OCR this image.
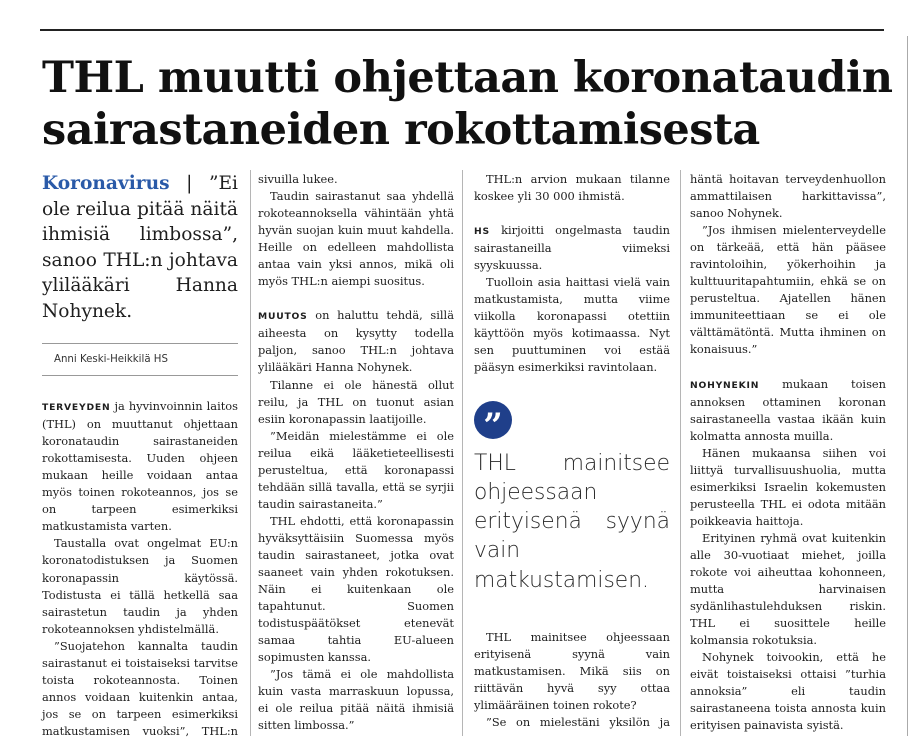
THL muutti ohjettaan koronataudin sairastaneiden rokottamisesta

Koronavirus | ”Ei ole reilua pitää näitä ihmisiä limbossa”, sanoo THL:n johtava ylilääkäri Hanna Nohynek.

Anni Keski-Heikkilä HS

TERVEYDEN ja hyvinvoinnin laitos (THL) on muuttanut ohjettaan koronataudin sairastaneiden rokottamisesta. Uuden ohjeen mukaan heille voidaan antaa myös toinen rokoteannos, jos se on tarpeen esimerkiksi matkustamista varten.

Taustalla ovat ongelmat EU:n koronatodistuksen ja Suomen koronapassin käytössä. Todistusta ei tällä hetkellä saa sairastetun taudin ja yhden rokoteannoksen yhdistelmällä.

”Suojatehon kannalta taudin sairastanut ei toistaiseksi tarvitse toista rokoteannosta. Toinen annos voidaan kuitenkin antaa, jos se on tarpeen esimerkiksi matkustamisen vuoksi”, THL:n

sivuilla lukee.

Taudin sairastanut saa yhdellä rokoteannoksella vähintään yhtä hyvän suojan kuin muut kahdella. Heille on edelleen mahdollista antaa vain yksi annos, mikä oli myös THL:n aiempi suositus.

MUUTOS on haluttu tehdä, sillä aiheesta on kysytty todella paljon, sanoo THL:n johtava ylilääkäri Hanna Nohynek.

Tilanne ei ole hänestä ollut reilu, ja THL on tuonut asian esiin koronapassin laatijoille.

”Meidän mielestämme ei ole reilua eikä lääketieteellisesti perusteltua, että koronapassi tehdään sillä tavalla, että se syrjii taudin sairastaneita.”

THL ehdotti, että koronapassin hyväksyttäisiin Suomessa myös taudin sairastaneet, jotka ovat saaneet vain yhden rokotuksen. Näin ei kuitenkaan ole tapahtunut. Suomen todistuspäätökset etenevät samaa tahtia EU-alueen sopimusten kanssa.

”Jos tämä ei ole mahdollista kuin vasta marraskuun lopussa, ei ole reilua pitää näitä ihmisiä sitten limbossa.”

THL:n arvion mukaan tilanne koskee yli 30 000 ihmistä.

HS kirjoitti ongelmasta taudin sairastaneilla viimeksi syyskuussa.

Tuolloin asia haittasi vielä vain matkustamista, mutta viime viikolla koronapassi otettiin käyttöön myös kotimaassa. Nyt sen puuttuminen voi estää pääsyn esimerkiksi ravintolaan.

”

THL mainitsee ohjeessaan erityisenä syynä vain matkustamisen.

THL mainitsee ohjeessaan erityisenä syynä vain matkustamisen. Mikä siis on riittävän hyvä syy ottaa ylimääräinen toinen rokote?

”Se on mielestäni yksilön ja

häntä hoitavan terveydenhuollon ammattilaisen harkittavissa”, sanoo Nohynek.

”Jos ihmisen mielenterveydelle on tärkeää, että hän pääsee ravintoloihin, yökerhoihin ja kulttuuritapahtumiin, ehkä se on perusteltua. Ajatellen hänen immuniteettiaan se ei ole välttämätöntä. Mutta ihminen on konaisuus.”

NOHYNEKIN mukaan toisen annoksen ottaminen koronan sairastaneella vastaa ikään kuin kolmatta annosta muilla.

Hänen mukaansa siihen voi liittyä turvallisuushuolia, mutta esimerkiksi Israelin kokemusten perusteella THL ei odota mitään poikkeavia haittoja.

Erityinen ryhmä ovat kuitenkin alle 30-vuotiaat miehet, joilla rokote voi aiheuttaa kohonneen, mutta harvinaisen sydänlihastulehduksen riskin. THL ei suosittele heille kolmansia rokotuksia.

Nohynek toivookin, että he eivät toistaiseksi ottaisi ”turhia annoksia” eli taudin sairastaneena toista annosta kuin erityisen painavista syistä.
